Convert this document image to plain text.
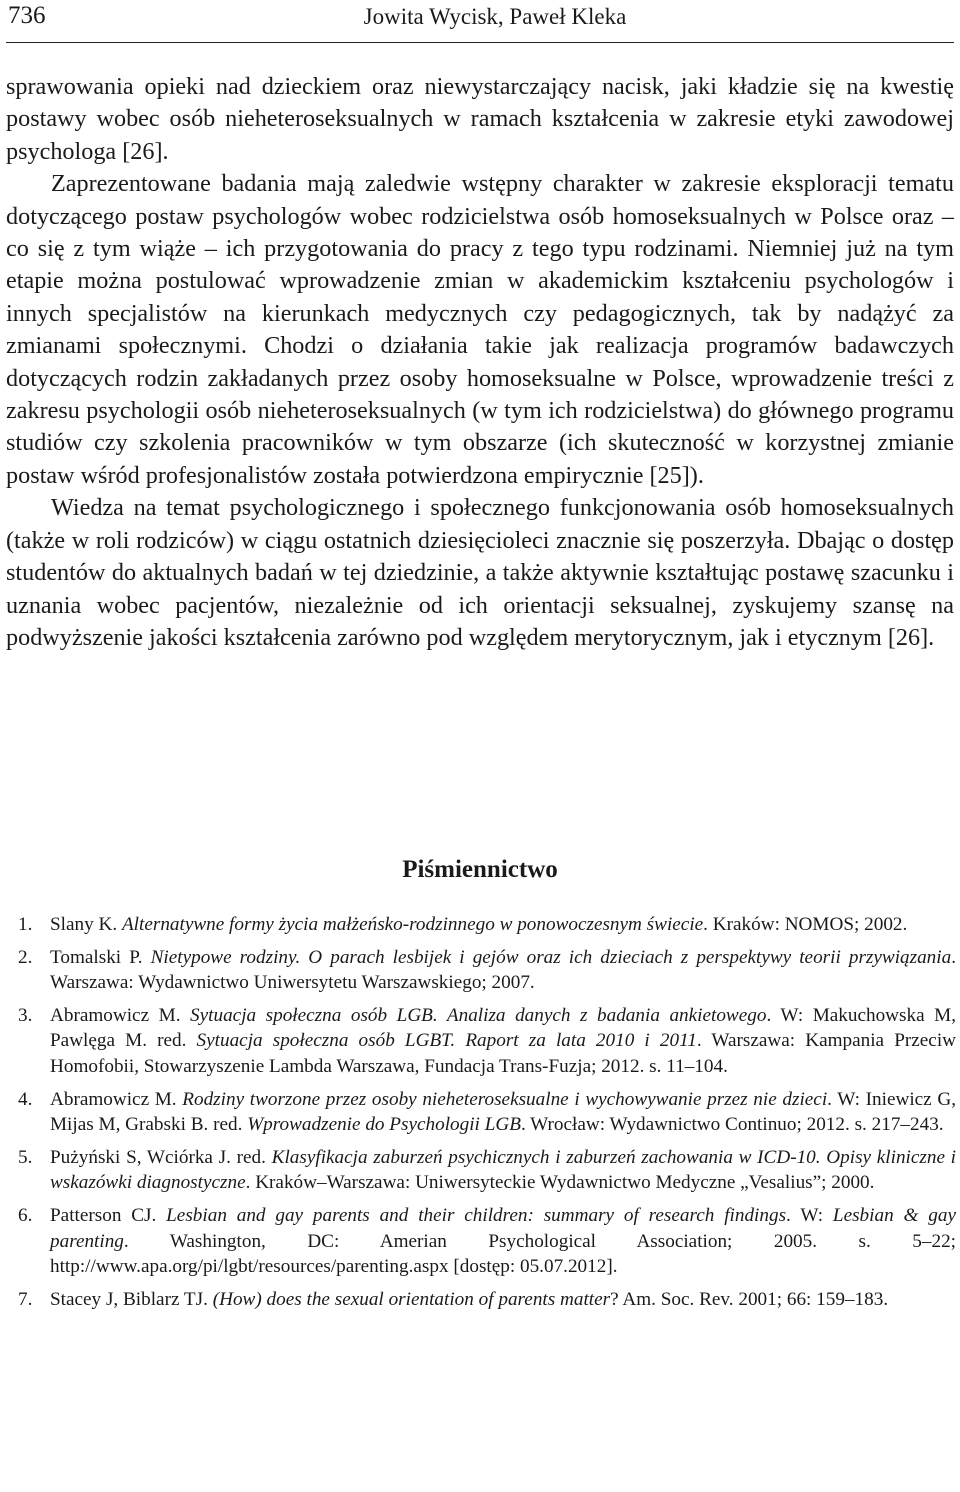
736	Jowita Wycisk, Paweł Kleka

sprawowania opieki nad dzieckiem oraz niewystarczający nacisk, jaki kładzie się na kwestię postawy wobec osób nieheteroseksualnych w ramach kształcenia w zakresie etyki zawodowej psychologa [26].

Zaprezentowane badania mają zaledwie wstępny charakter w zakresie eksploracji tematu dotyczącego postaw psychologów wobec rodzicielstwa osób homoseksualnych w Polsce oraz – co się z tym wiąże – ich przygotowania do pracy z tego typu rodzinami. Niemniej już na tym etapie można postulować wprowadzenie zmian w akademickim kształceniu psychologów i innych specjalistów na kierunkach medycznych czy pedagogicznych, tak by nadążyć za zmianami społecznymi. Chodzi o działania takie jak realizacja programów badawczych dotyczących rodzin zakładanych przez osoby homoseksualne w Polsce, wprowadzenie treści z zakresu psychologii osób nieheteroseksualnych (w tym ich rodzicielstwa) do głównego programu studiów czy szkolenia pracowników w tym obszarze (ich skuteczność w korzystnej zmianie postaw wśród profesjonalistów została potwierdzona empirycznie [25]).

Wiedza na temat psychologicznego i społecznego funkcjonowania osób homoseksualnych (także w roli rodziców) w ciągu ostatnich dziesięcioleci znacznie się poszerzyła. Dbając o dostęp studentów do aktualnych badań w tej dziedzinie, a także aktywnie kształtując postawę szacunku i uznania wobec pacjentów, niezależnie od ich orientacji seksualnej, zyskujemy szansę na podwyższenie jakości kształcenia zarówno pod względem merytorycznym, jak i etycznym [26].

Piśmiennictwo
1. Slany K. Alternatywne formy życia małżeńsko-rodzinnego w ponowoczesnym świecie. Kraków: NOMOS; 2002.
2. Tomalski P. Nietypowe rodziny. O parach lesbijek i gejów oraz ich dzieciach z perspektywy teorii przywiązania. Warszawa: Wydawnictwo Uniwersytetu Warszawskiego; 2007.
3. Abramowicz M. Sytuacja społeczna osób LGB. Analiza danych z badania ankietowego. W: Makuchowska M, Pawlęga M. red. Sytuacja społeczna osób LGBT. Raport za lata 2010 i 2011. Warszawa: Kampania Przeciw Homofobii, Stowarzyszenie Lambda Warszawa, Fundacja Trans-Fuzja; 2012. s. 11–104.
4. Abramowicz M. Rodziny tworzone przez osoby nieheteroseksualne i wychowywanie przez nie dzieci. W: Iniewicz G, Mijas M, Grabski B. red. Wprowadzenie do Psychologii LGB. Wrocław: Wydawnictwo Continuo; 2012. s. 217–243.
5. Pużyński S, Wciórka J. red. Klasyfikacja zaburzeń psychicznych i zaburzeń zachowania w ICD-10. Opisy kliniczne i wskazówki diagnostyczne. Kraków–Warszawa: Uniwersyteckie Wydawnictwo Medyczne „Vesalius”; 2000.
6. Patterson CJ. Lesbian and gay parents and their children: summary of research findings. W: Lesbian & gay parenting. Washington, DC: Amerian Psychological Association; 2005. s. 5–22; http://www.apa.org/pi/lgbt/resources/parenting.aspx [dostęp: 05.07.2012].
7. Stacey J, Biblarz TJ. (How) does the sexual orientation of parents matter? Am. Soc. Rev. 2001; 66: 159–183.
